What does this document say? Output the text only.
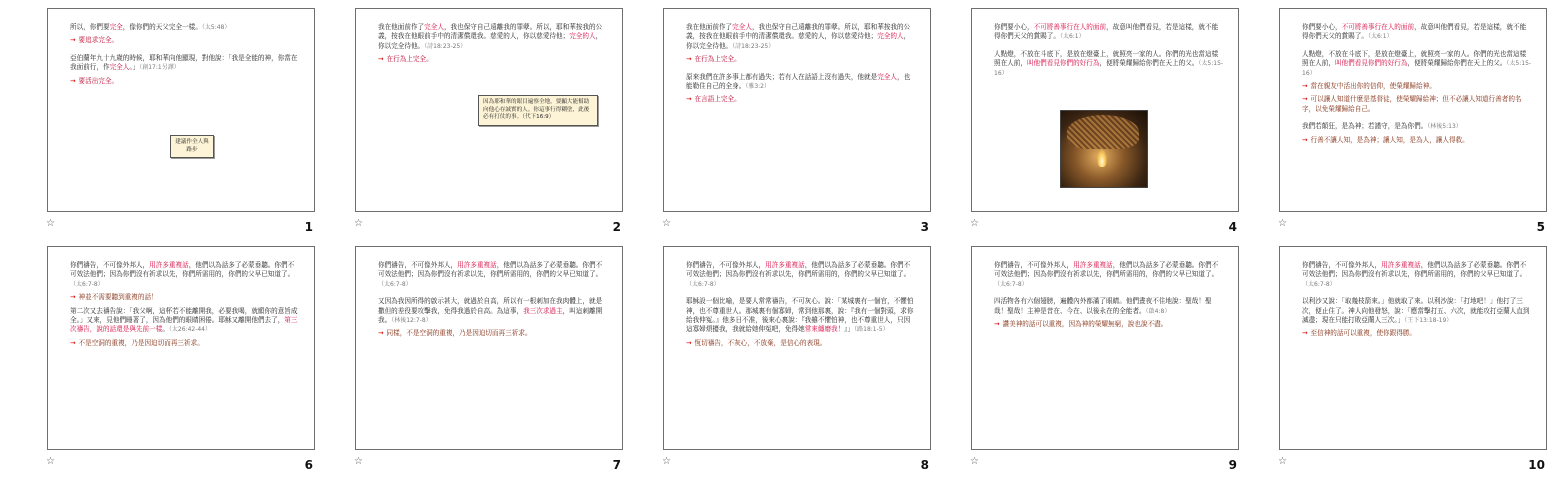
所以，你們要完全，像你們的天父完全一樣。（太5:48）
→ 要追求完全。
亞伯蘭年九十九歲的時候，耶和華向他顯現，對他說：「我是全能的神，你當在我面前行，作完全人。」（創17:1另譯）
→ 要活出完全。
建議作全人與路步
☆	1
我在他面前作了完全人，我也保守自己遠離我的罪孽。所以，耶和華按我的公義，按我在他眼前手中的清潔償還我。慈愛的人，你以慈愛待他；完全的人，你以完全待他。（詩18:23-25）
→ 在行為上完全。
因為耶和華的眼目遍察全地，要顯大能幫助向他心存誠實的人。你這事行得糊塗，此後必有打仗的事。（代下16:9）
☆	2
我在他面前作了完全人，我也保守自己遠離我的罪孽。所以，耶和華按我的公義，按我在他眼前手中的清潔償還我。慈愛的人，你以慈愛待他；完全的人，你以完全待他。（詩18:23-25）
→ 在行為上完全。
原來我們在許多事上都有過失；若有人在話語上沒有過失，他就是完全人，也能勒住自己的全身。（雅3:2）
→ 在言語上完全。
☆	3
你們要小心，不可將善事行在人的面前，故意叫他們看見，若是這樣，就不能得你們天父的賞賜了。（太6:1）
人點燈，不放在斗底下，是放在燈臺上，就照亮一家的人。你們的光也當這樣照在人前，叫他們看見你們的好行為，便將榮耀歸給你們在天上的父。（太5:15-16）
☆	4
你們要小心，不可將善事行在人的面前，故意叫他們看見，若是這樣，就不能得你們天父的賞賜了。（太6:1）
人點燈，不放在斗底下，是放在燈臺上，就照亮一家的人。你們的光也當這樣照在人前，叫他們看見你們的好行為，便將榮耀歸給你們在天上的父。（太5:15-16）
→ 當在親友中活出你的信仰，使榮耀歸給神。
→ 可以讓人知道什麼是基督徒，使榮耀歸給神；但不必讓人知道行善者的名字，以免榮耀歸給自己。
我們若顛狂，是為神；若謹守，是為你們。（林後5:13）
→ 行善不讓人知，是為神；讓人知，是為人，讓人得救。
☆	5
你們禱告，不可像外邦人，用許多重複話，他們以為話多了必蒙垂聽。你們不可效法他們；因為你們沒有祈求以先，你們所需用的，你們的父早已知道了。（太6:7-8）
→ 神並不需要聽到重複的話！
第二次又去禱告說：「我父啊，這杯若不能離開我，必要我喝，就願你的意旨成全。」又來，見他們睡著了，因為他們的眼睛困倦。耶穌又離開他們去了，第三次禱告，說的話還是與先前一樣。（太26:42-44）
→ 不是空洞的重複，乃是因迫切而再三祈求。
☆	6
你們禱告，不可像外邦人，用許多重複話，他們以為話多了必蒙垂聽。你們不可效法他們；因為你們沒有祈求以先，你們所需用的，你們的父早已知道了。（太6:7-8）
又因為我因所得的啟示甚大，就過於自高，所以有一根刺加在我肉體上，就是撒但的差役要攻擊我，免得我過於自高。為這事，我三次求過主，叫這刺離開我。（林後12:7-8）
→ 同樣，不是空洞的重複，乃是因迫切而再三祈求。
☆	7
你們禱告，不可像外邦人，用許多重複話，他們以為話多了必蒙垂聽。你們不可效法他們；因為你們沒有祈求以先，你們所需用的，你們的父早已知道了。（太6:7-8）
耶穌設一個比喻，是要人常常禱告，不可灰心。說：「某城裏有一個官，不懼怕神，也不尊重世人。那城裏有個寡婦，常到他那裏，說：『我有一個對頭，求你給我伸冤。』他多日不准，後來心裏說：『我雖不懼怕神，也不尊重世人，只因這寡婦煩擾我，我就給她伸冤吧，免得她常來纏磨我！』」（路18:1-5）
→ 恆切禱告，不灰心，不放棄，是信心的表現。
☆	8
你們禱告，不可像外邦人，用許多重複話，他們以為話多了必蒙垂聽。你們不可效法他們；因為你們沒有祈求以先，你們所需用的，你們的父早已知道了。（太6:7-8）
四活物各有六個翅膀，遍體內外都滿了眼睛。他們晝夜不住地說：聖哉！聖哉！聖哉！主神是昔在、今在、以後永在的全能者。（啟4:8）
→ 讚美神的話可以重複，因為神的榮耀無窮，說也說不盡。
☆	9
你們禱告，不可像外邦人，用許多重複話，他們以為話多了必蒙垂聽。你們不可效法他們；因為你們沒有祈求以先，你們所需用的，你們的父早已知道了。（太6:7-8）
以利沙又說：「取幾枝箭來。」他就取了來。以利沙說：「打地吧！」他打了三次，便止住了。神人向他發怒，說：「應當擊打五、六次，就能攻打亞蘭人直到滅盡；現在只能打敗亞蘭人三次。」（王下13:18-19）
→ 至信神的話可以重複，使你跟得勝。
☆	10
